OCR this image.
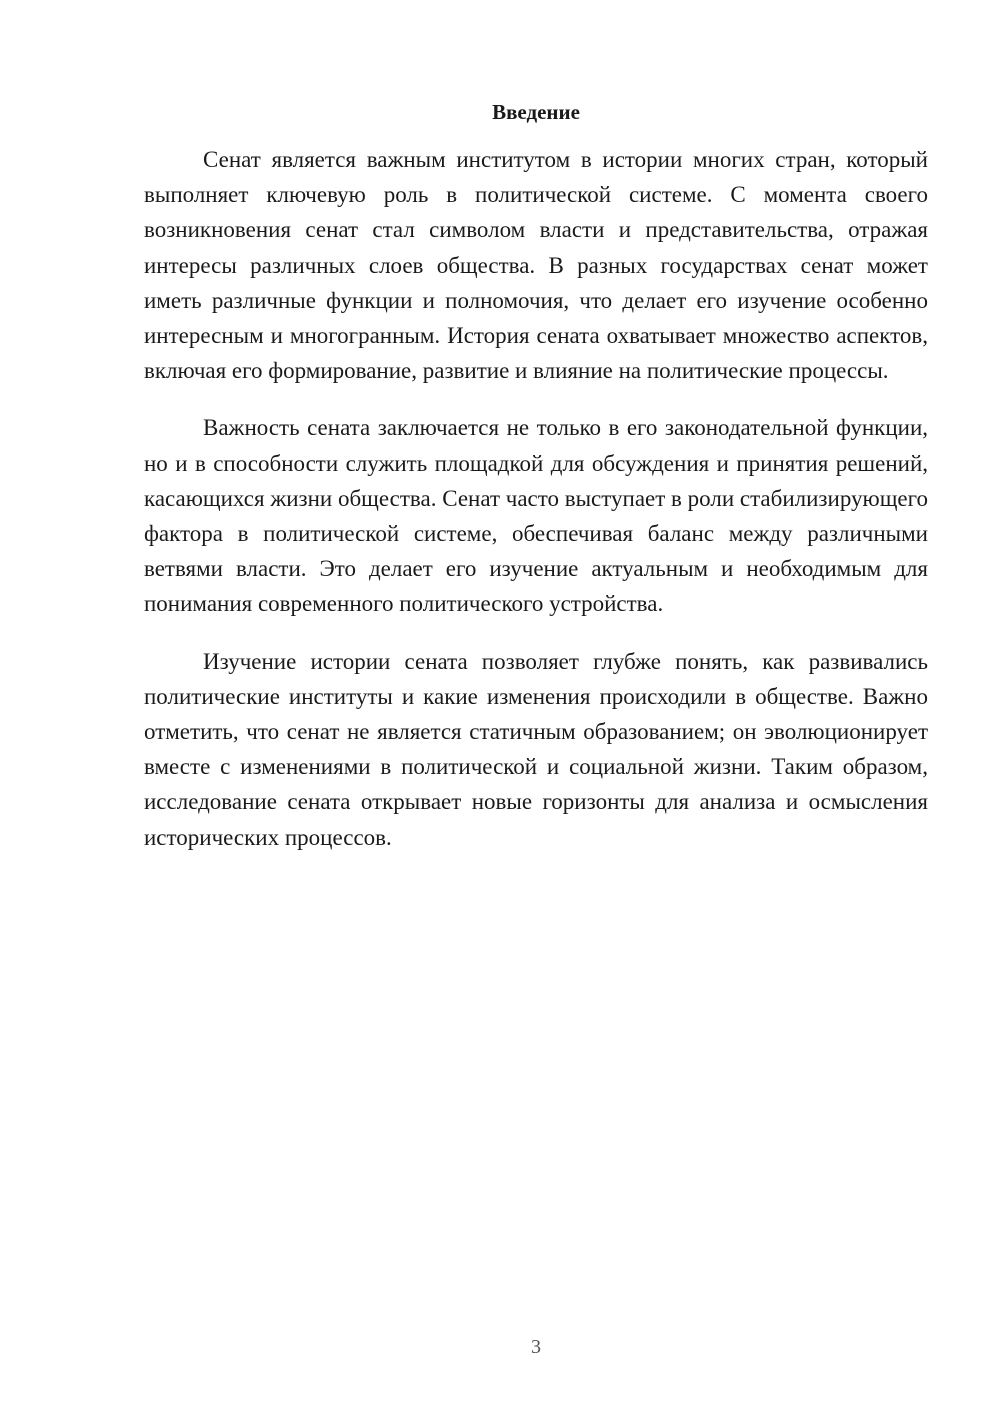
Введение

Сенат является важным институтом в истории многих стран, который выполняет ключевую роль в политической системе. С момента своего возникновения сенат стал символом власти и представительства, отражая интересы различных слоев общества. В разных государствах сенат может иметь различные функции и полномочия, что делает его изучение особенно интересным и многогранным. История сената охватывает множество аспектов, включая его формирование, развитие и влияние на политические процессы.

Важность сената заключается не только в его законодательной функции, но и в способности служить площадкой для обсуждения и принятия решений, касающихся жизни общества. Сенат часто выступает в роли стабилизирующего фактора в политической системе, обеспечивая баланс между различными ветвями власти. Это делает его изучение актуальным и необходимым для понимания современного политического устройства.

Изучение истории сената позволяет глубже понять, как развивались политические институты и какие изменения происходили в обществе. Важно отметить, что сенат не является статичным образованием; он эволюционирует вместе с изменениями в политической и социальной жизни. Таким образом, исследование сената открывает новые горизонты для анализа и осмысления исторических процессов.

3
